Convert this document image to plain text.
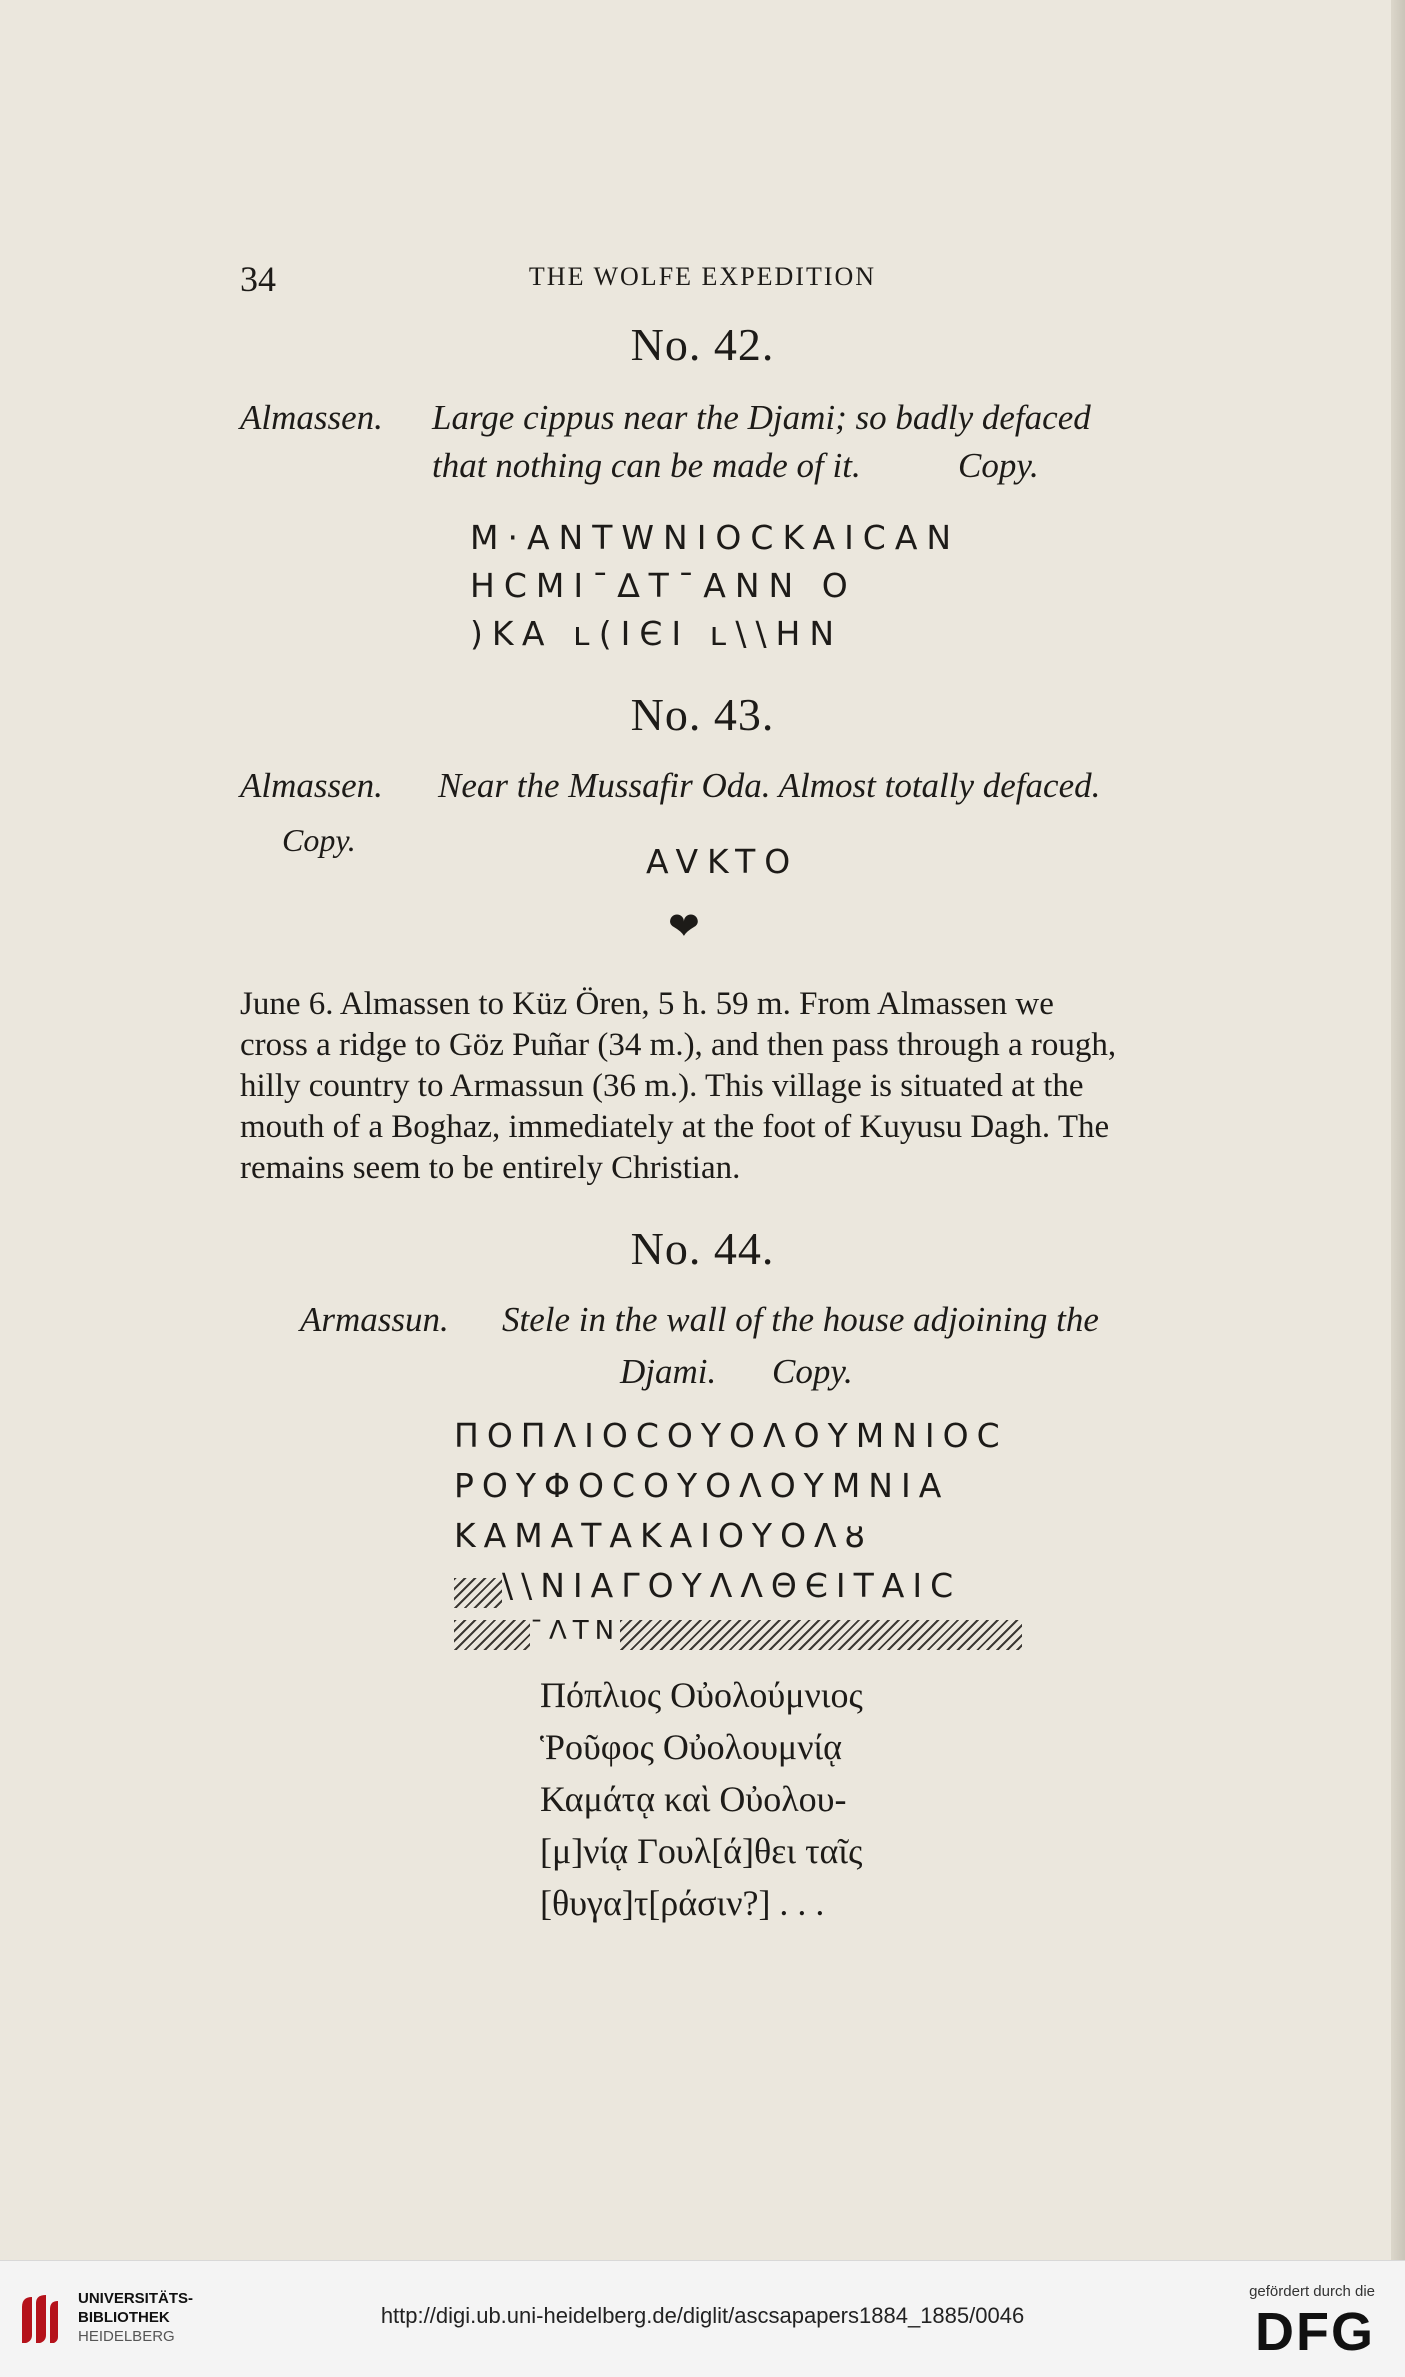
34	THE WOLFE EXPEDITION
No. 42.
Almassen. Large cippus near the Djami; so badly defaced
that nothing can be made of it.	Copy.
M·ANTWNIOCKAICAN
HCMI¯∆T¯ANN O
)KA ʟ(IЄI ʟ\\HN
No. 43.
Almassen. Near the Mussafir Oda. Almost totally defaced.
Copy.
AVKTO
❤
June 6. Almassen to Küz Ören, 5 h. 59 m. From Almassen we
cross a ridge to Göz Puñar (34 m.), and then pass through a rough,
hilly country to Armassun (36 m.). This village is situated at the
mouth of a Boghaz, immediately at the foot of Kuyusu Dagh. The
remains seem to be entirely Christian.
No. 44.
Armassun. Stele in the wall of the house adjoining the
Djami. Copy.
ΠΟΠΛΙΟСΟΥΟΛΟΥΜΝΙΟС
ΡΟΥΦΟСΟΥΟΛΟΥΜΝΙΑ
ΚΑΜΑΤΑΚΑΙΟΥΟΛȣ
\\ΝΙΑΓΟΥΛΛΘЄΙΤΑΙС
¯ΛΤΝ
Πόπλιος Οὐολούμνιος
Ῥοῦφος Οὐολουμνίᾳ
Καμάτᾳ καὶ Οὐολου-
[μ]νίᾳ Γουλ[ά]θει ταῖς
[θυγα]τ[ράσιν?] . . .
UNIVERSITÄTS-
BIBLIOTHEK
HEIDELBERG
http://digi.ub.uni-heidelberg.de/diglit/ascsapapers1884_1885/0046
gefördert durch die
DFG
